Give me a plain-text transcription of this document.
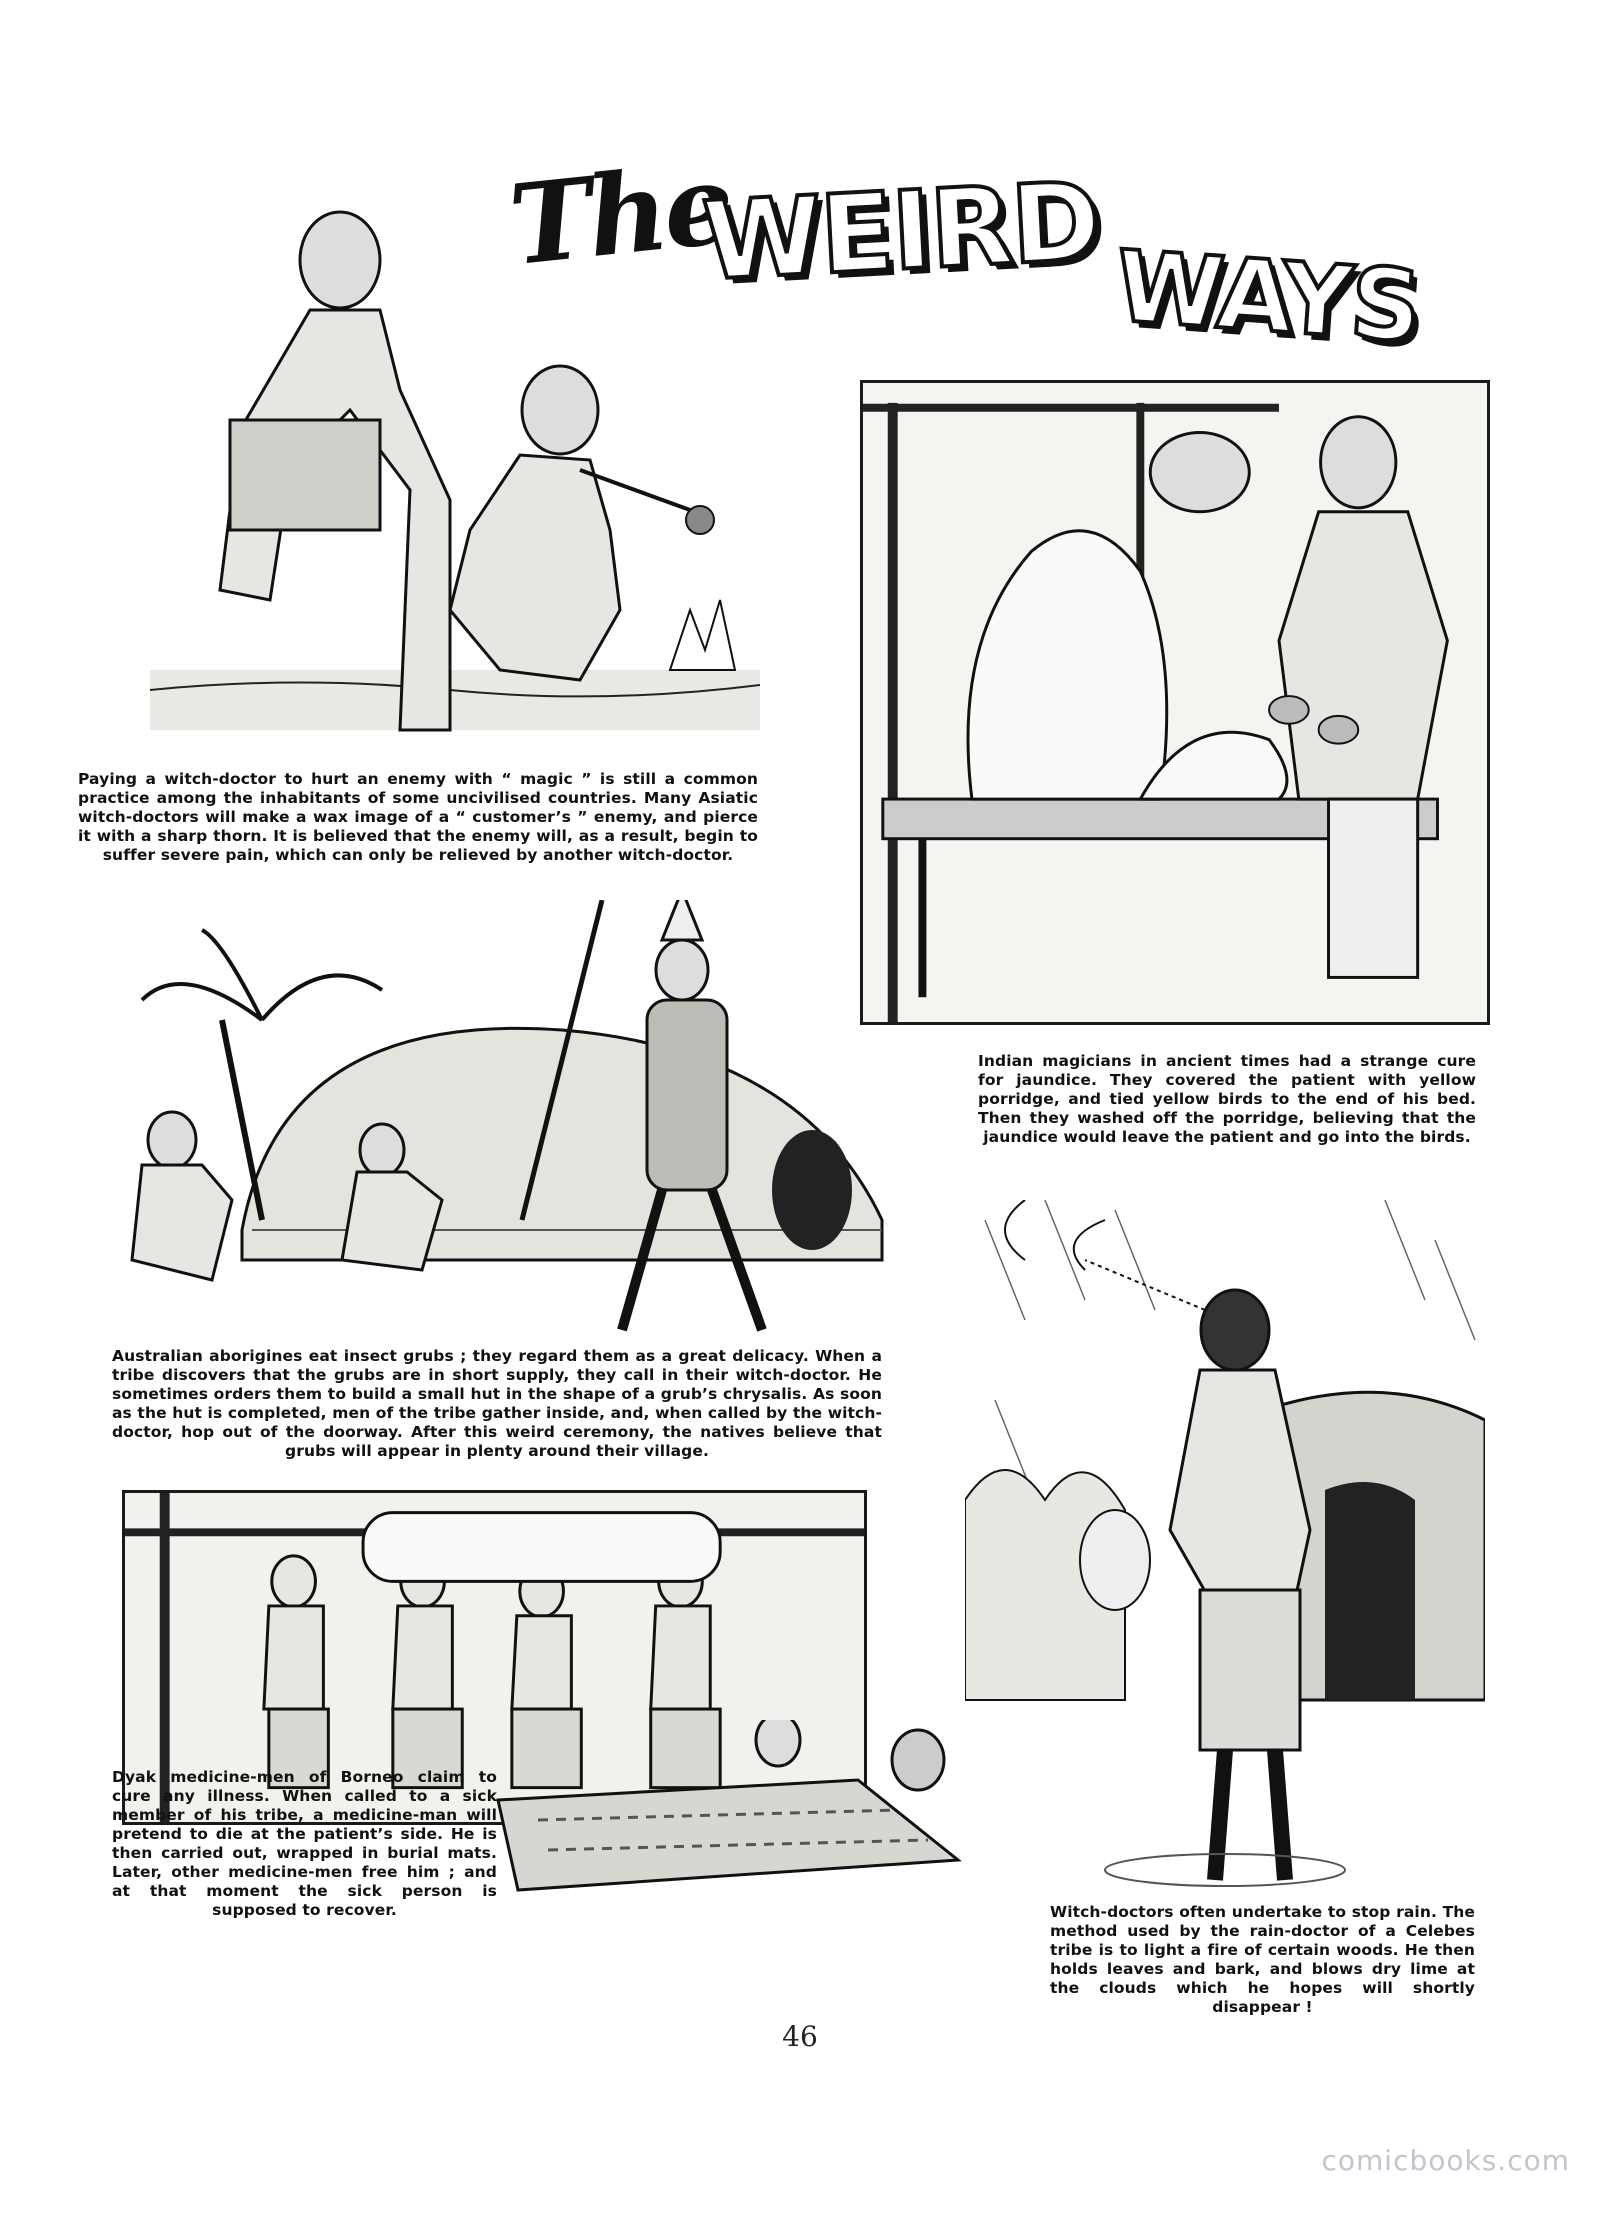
The
WEIRD WAYS
Paying a witch-doctor to hurt an enemy with “ magic ” is still a common practice among the inhabitants of some uncivilised countries. Many Asiatic witch-doctors will make a wax image of a “ customer’s ” enemy, and pierce it with a sharp thorn. It is believed that the enemy will, as a result, begin to suffer severe pain, which can only be relieved by another witch-doctor.
Indian magicians in ancient times had a strange cure for jaundice. They covered the patient with yellow porridge, and tied yellow birds to the end of his bed. Then they washed off the porridge, believing that the jaundice would leave the patient and go into the birds.
Australian aborigines eat insect grubs ; they regard them as a great delicacy. When a tribe discovers that the grubs are in short supply, they call in their witch-doctor. He sometimes orders them to build a small hut in the shape of a grub’s chrysalis. As soon as the hut is completed, men of the tribe gather inside, and, when called by the witch-doctor, hop out of the doorway. After this weird ceremony, the natives believe that grubs will appear in plenty around their village.
Dyak medicine-men of Borneo claim to cure any illness. When called to a sick member of his tribe, a medicine-man will pretend to die at the patient’s side. He is then carried out, wrapped in burial mats. Later, other medicine-men free him ; and at that moment the sick person is supposed to recover.	Witch-doctors often undertake to stop rain. The method used by the rain-doctor of a Celebes tribe is to light a fire of certain woods. He then holds leaves and bark, and blows dry lime at the clouds which he hopes will shortly disappear !
46
comicbooks.com
